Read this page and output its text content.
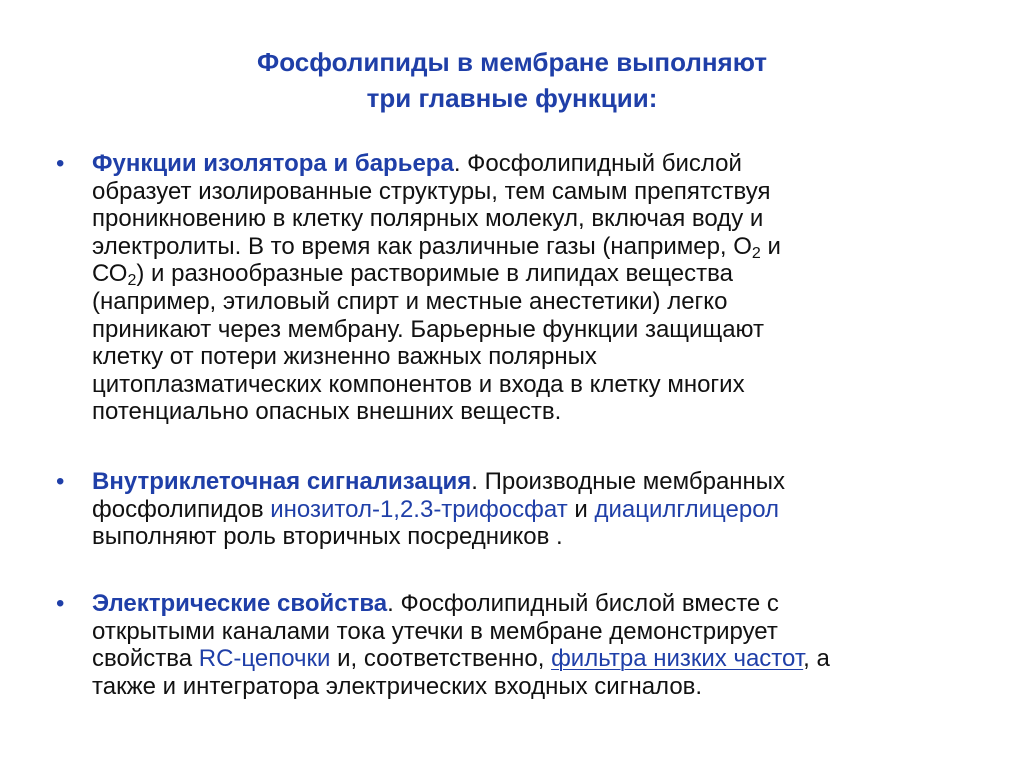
Фосфолипиды в мембране выполняют
три главные функции:
• Функции изолятора и барьера. Фосфолипидный бислой
образует изолированные структуры, тем самым препятствуя
проникновению в клетку полярных молекул, включая воду и
электролиты. В то время как различные газы (например, $О_2$ и
$СО_2$) и разнообразные растворимые в липидах вещества
(например, этиловый спирт и местные анестетики) легко
приникают через мембрану. Барьерные функции защищают
клетку от потери жизненно важных полярных
цитоплазматических компонентов и входа в клетку многих
потенциально опасных внешних веществ.
• Внутриклеточная сигнализация. Производные мембранных
фосфолипидов инозитол-1,2.3-трифосфат и диацилглицерол
выполняют роль вторичных посредников .
• Электрические свойства. Фосфолипидный бислой вместе с
открытыми каналами тока утечки в мембране демонстрирует
свойства RC-цепочки и, соответственно, фильтра низких частот, а
также и интегратора электрических входных сигналов.
